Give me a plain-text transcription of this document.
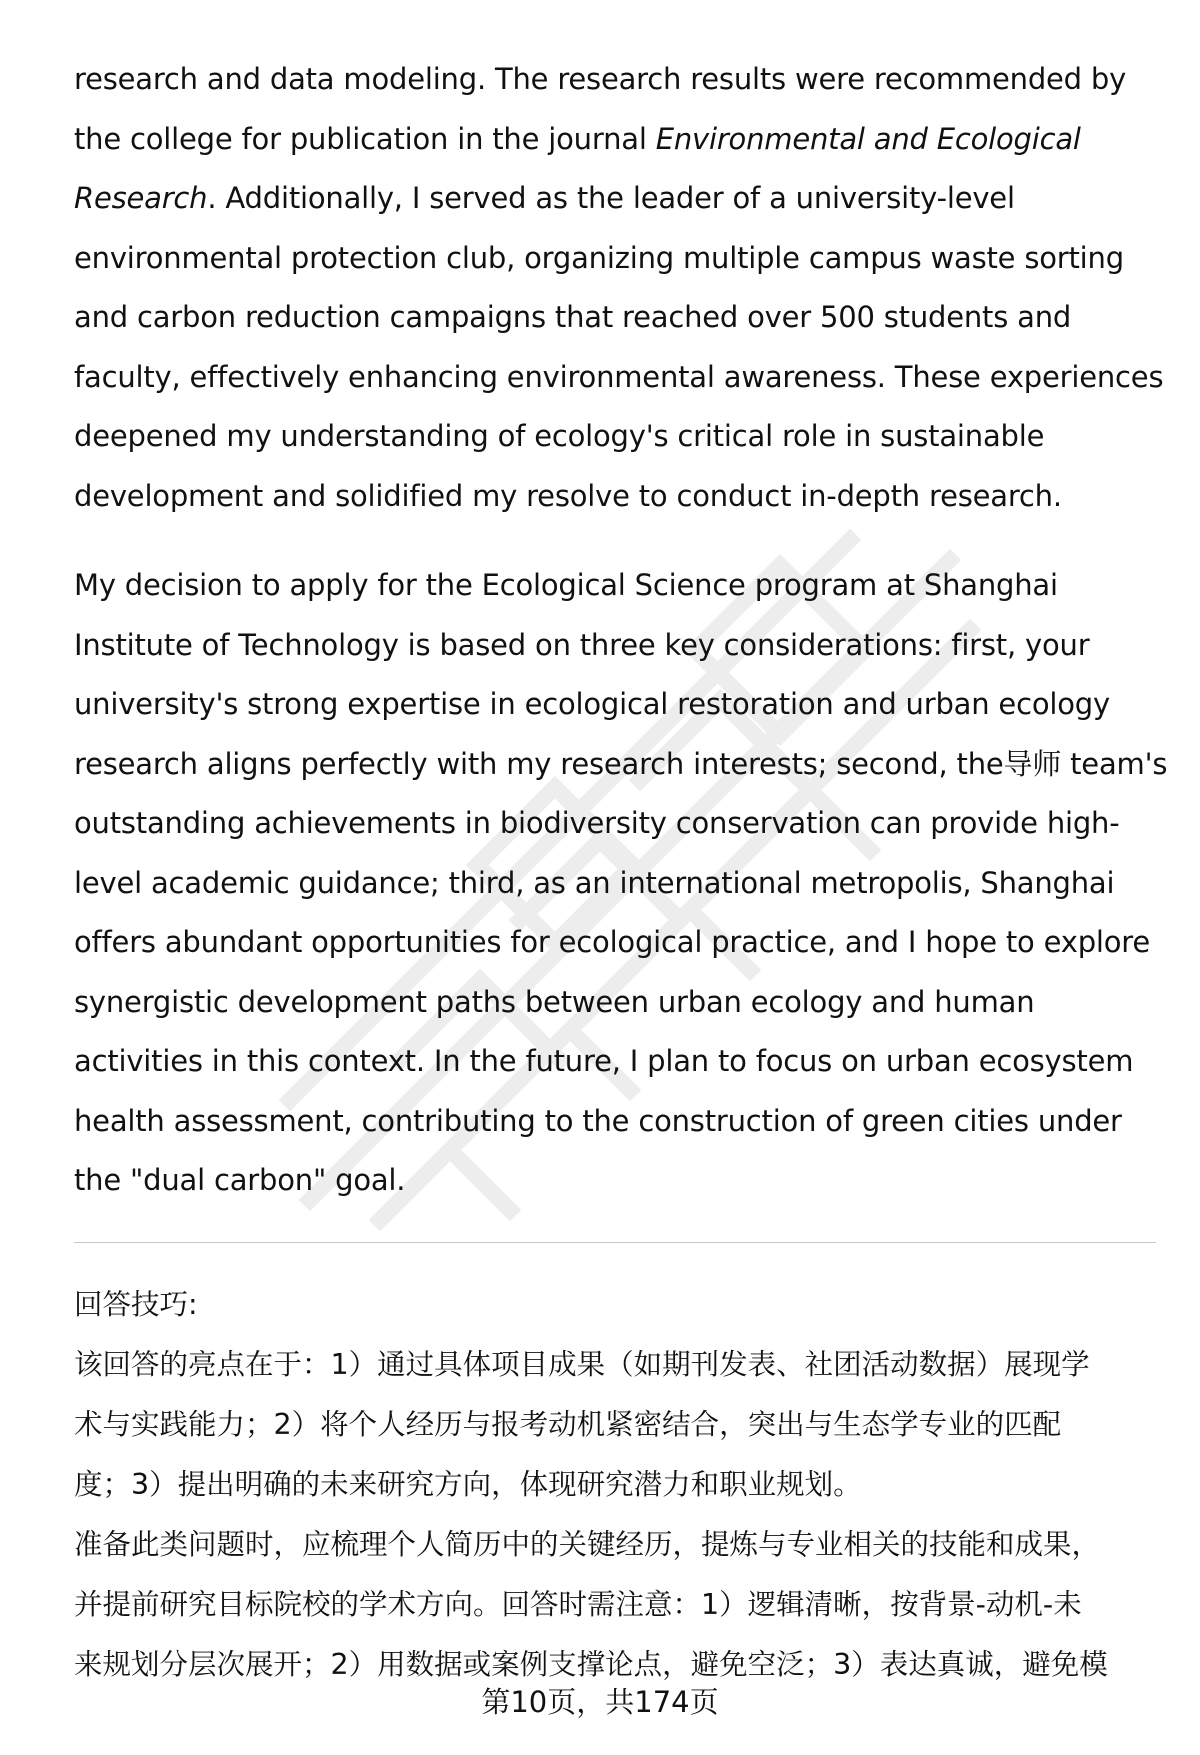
research and data modeling. The research results were recommended by
the college for publication in the journal Environmental and Ecological
Research. Additionally, I served as the leader of a university-level
environmental protection club, organizing multiple campus waste sorting
and carbon reduction campaigns that reached over 500 students and
faculty, effectively enhancing environmental awareness. These experiences
deepened my understanding of ecology's critical role in sustainable
development and solidified my resolve to conduct in-depth research.
My decision to apply for the Ecological Science program at Shanghai
Institute of Technology is based on three key considerations: first, your
university's strong expertise in ecological restoration and urban ecology
research aligns perfectly with my research interests; second, the导师 team's
outstanding achievements in biodiversity conservation can provide high-
level academic guidance; third, as an international metropolis, Shanghai
offers abundant opportunities for ecological practice, and I hope to explore
synergistic development paths between urban ecology and human
activities in this context. In the future, I plan to focus on urban ecosystem
health assessment, contributing to the construction of green cities under
the "dual carbon" goal.
回答技巧:
该回答的亮点在于：1）通过具体项目成果（如期刊发表、社团活动数据）展现学
术与实践能力；2）将个人经历与报考动机紧密结合，突出与生态学专业的匹配
度；3）提出明确的未来研究方向，体现研究潜力和职业规划。
准备此类问题时，应梳理个人简历中的关键经历，提炼与专业相关的技能和成果，
并提前研究目标院校的学术方向。回答时需注意：1）逻辑清晰，按背景-动机-未
来规划分层次展开；2）用数据或案例支撑论点，避免空泛；3）表达真诚，避免模
第10页，共174页
